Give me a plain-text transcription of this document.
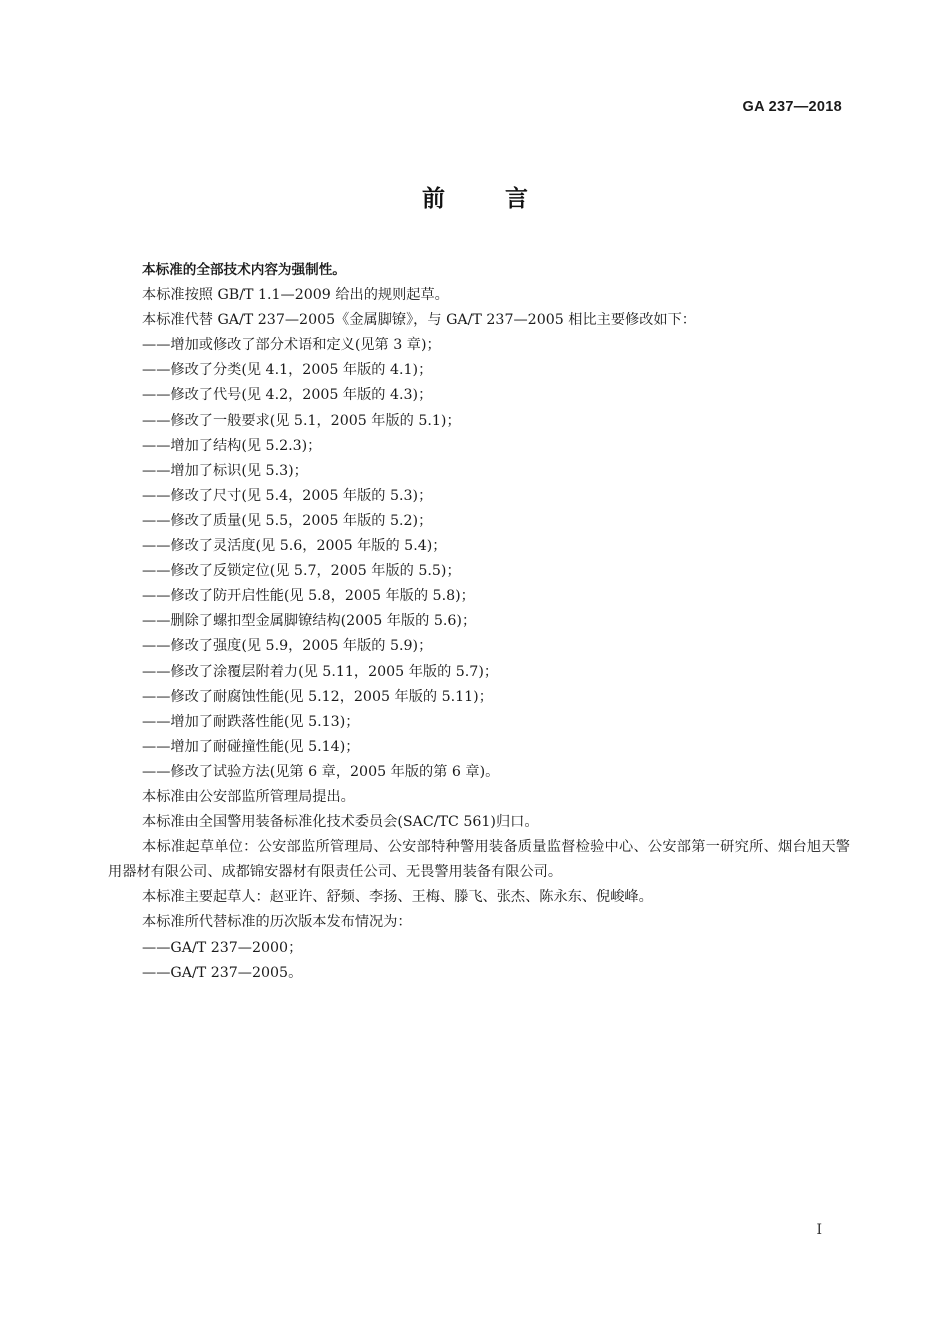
GA 237—2018
前言

本标准的全部技术内容为强制性。

本标准按照 GB/T 1.1—2009 给出的规则起草。

本标准代替 GA/T 237—2005《金属脚镣》，与 GA/T 237—2005 相比主要修改如下：

——增加或修改了部分术语和定义(见第 3 章)；

——修改了分类(见 4.1，2005 年版的 4.1)；

——修改了代号(见 4.2，2005 年版的 4.3)；

——修改了一般要求(见 5.1，2005 年版的 5.1)；

——增加了结构(见 5.2.3)；

——增加了标识(见 5.3)；

——修改了尺寸(见 5.4，2005 年版的 5.3)；

——修改了质量(见 5.5，2005 年版的 5.2)；

——修改了灵活度(见 5.6，2005 年版的 5.4)；

——修改了反锁定位(见 5.7，2005 年版的 5.5)；

——修改了防开启性能(见 5.8，2005 年版的 5.8)；

——删除了螺扣型金属脚镣结构(2005 年版的 5.6)；

——修改了强度(见 5.9，2005 年版的 5.9)；

——修改了涂覆层附着力(见 5.11，2005 年版的 5.7)；

——修改了耐腐蚀性能(见 5.12，2005 年版的 5.11)；

——增加了耐跌落性能(见 5.13)；

——增加了耐碰撞性能(见 5.14)；

——修改了试验方法(见第 6 章，2005 年版的第 6 章)。

本标准由公安部监所管理局提出。

本标准由全国警用装备标准化技术委员会(SAC/TC 561)归口。

本标准起草单位：公安部监所管理局、公安部特种警用装备质量监督检验中心、公安部第一研究所、烟台旭天警用器材有限公司、成都锦安器材有限责任公司、无畏警用装备有限公司。

本标准主要起草人：赵亚许、舒频、李扬、王梅、滕飞、张杰、陈永东、倪峻峰。

本标准所代替标准的历次版本发布情况为：

——GA/T 237—2000；

——GA/T 237—2005。

I
